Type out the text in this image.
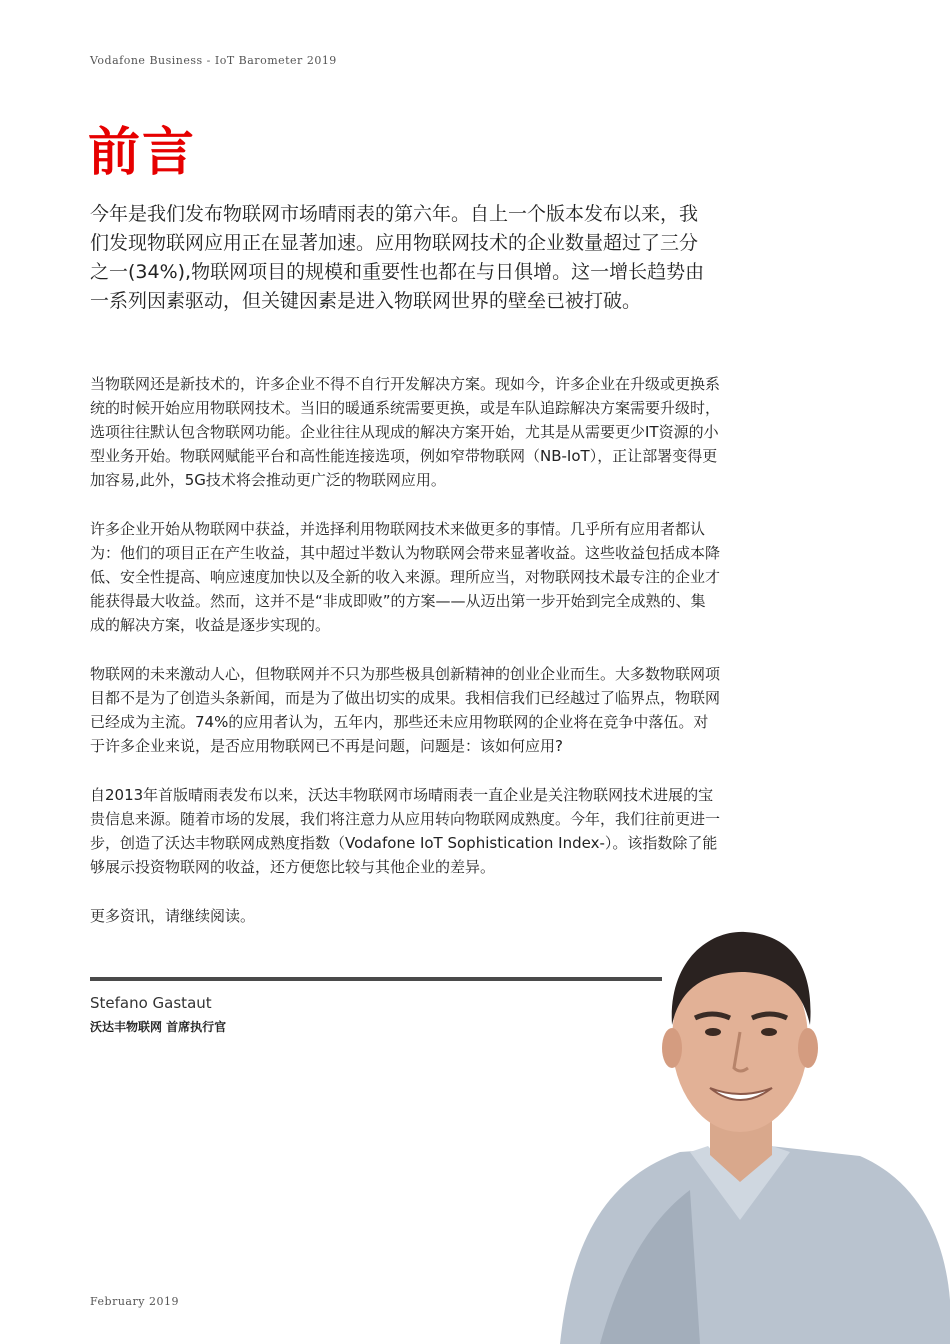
Vodafone Business - IoT Barometer 2019
前言
今年是我们发布物联网市场晴雨表的第六年。自上一个版本发布以来，我们发现物联网应用正在显著加速。应用物联网技术的企业数量超过了三分之一(34%),物联网项目的规模和重要性也都在与日俱增。这一增长趋势由一系列因素驱动，但关键因素是进入物联网世界的壁垒已被打破。

当物联网还是新技术的，许多企业不得不自行开发解决方案。现如今，许多企业在升级或更换系统的时候开始应用物联网技术。当旧的暖通系统需要更换，或是车队追踪解决方案需要升级时，选项往往默认包含物联网功能。企业往往从现成的解决方案开始，尤其是从需要更少IT资源的小型业务开始。物联网赋能平台和高性能连接选项，例如窄带物联网（NB-IoT），正让部署变得更加容易,此外，5G技术将会推动更广泛的物联网应用。

许多企业开始从物联网中获益，并选择利用物联网技术来做更多的事情。几乎所有应用者都认为：他们的项目正在产生收益，其中超过半数认为物联网会带来显著收益。这些收益包括成本降低、安全性提高、响应速度加快以及全新的收入来源。理所应当，对物联网技术最专注的企业才能获得最大收益。然而，这并不是“非成即败”的方案——从迈出第一步开始到完全成熟的、集成的解决方案，收益是逐步实现的。

物联网的未来激动人心，但物联网并不只为那些极具创新精神的创业企业而生。大多数物联网项目都不是为了创造头条新闻，而是为了做出切实的成果。我相信我们已经越过了临界点，物联网已经成为主流。74%的应用者认为，五年内，那些还未应用物联网的企业将在竞争中落伍。对于许多企业来说，是否应用物联网已不再是问题，问题是：该如何应用?

自2013年首版晴雨表发布以来，沃达丰物联网市场晴雨表一直企业是关注物联网技术进展的宝贵信息来源。随着市场的发展，我们将注意力从应用转向物联网成熟度。今年，我们往前更进一步，创造了沃达丰物联网成熟度指数（Vodafone IoT Sophistication Index-）。该指数除了能够展示投资物联网的收益，还方便您比较与其他企业的差异。

更多资讯，请继续阅读。

Stefano Gastaut
沃达丰物联网 首席执行官
February 2019
